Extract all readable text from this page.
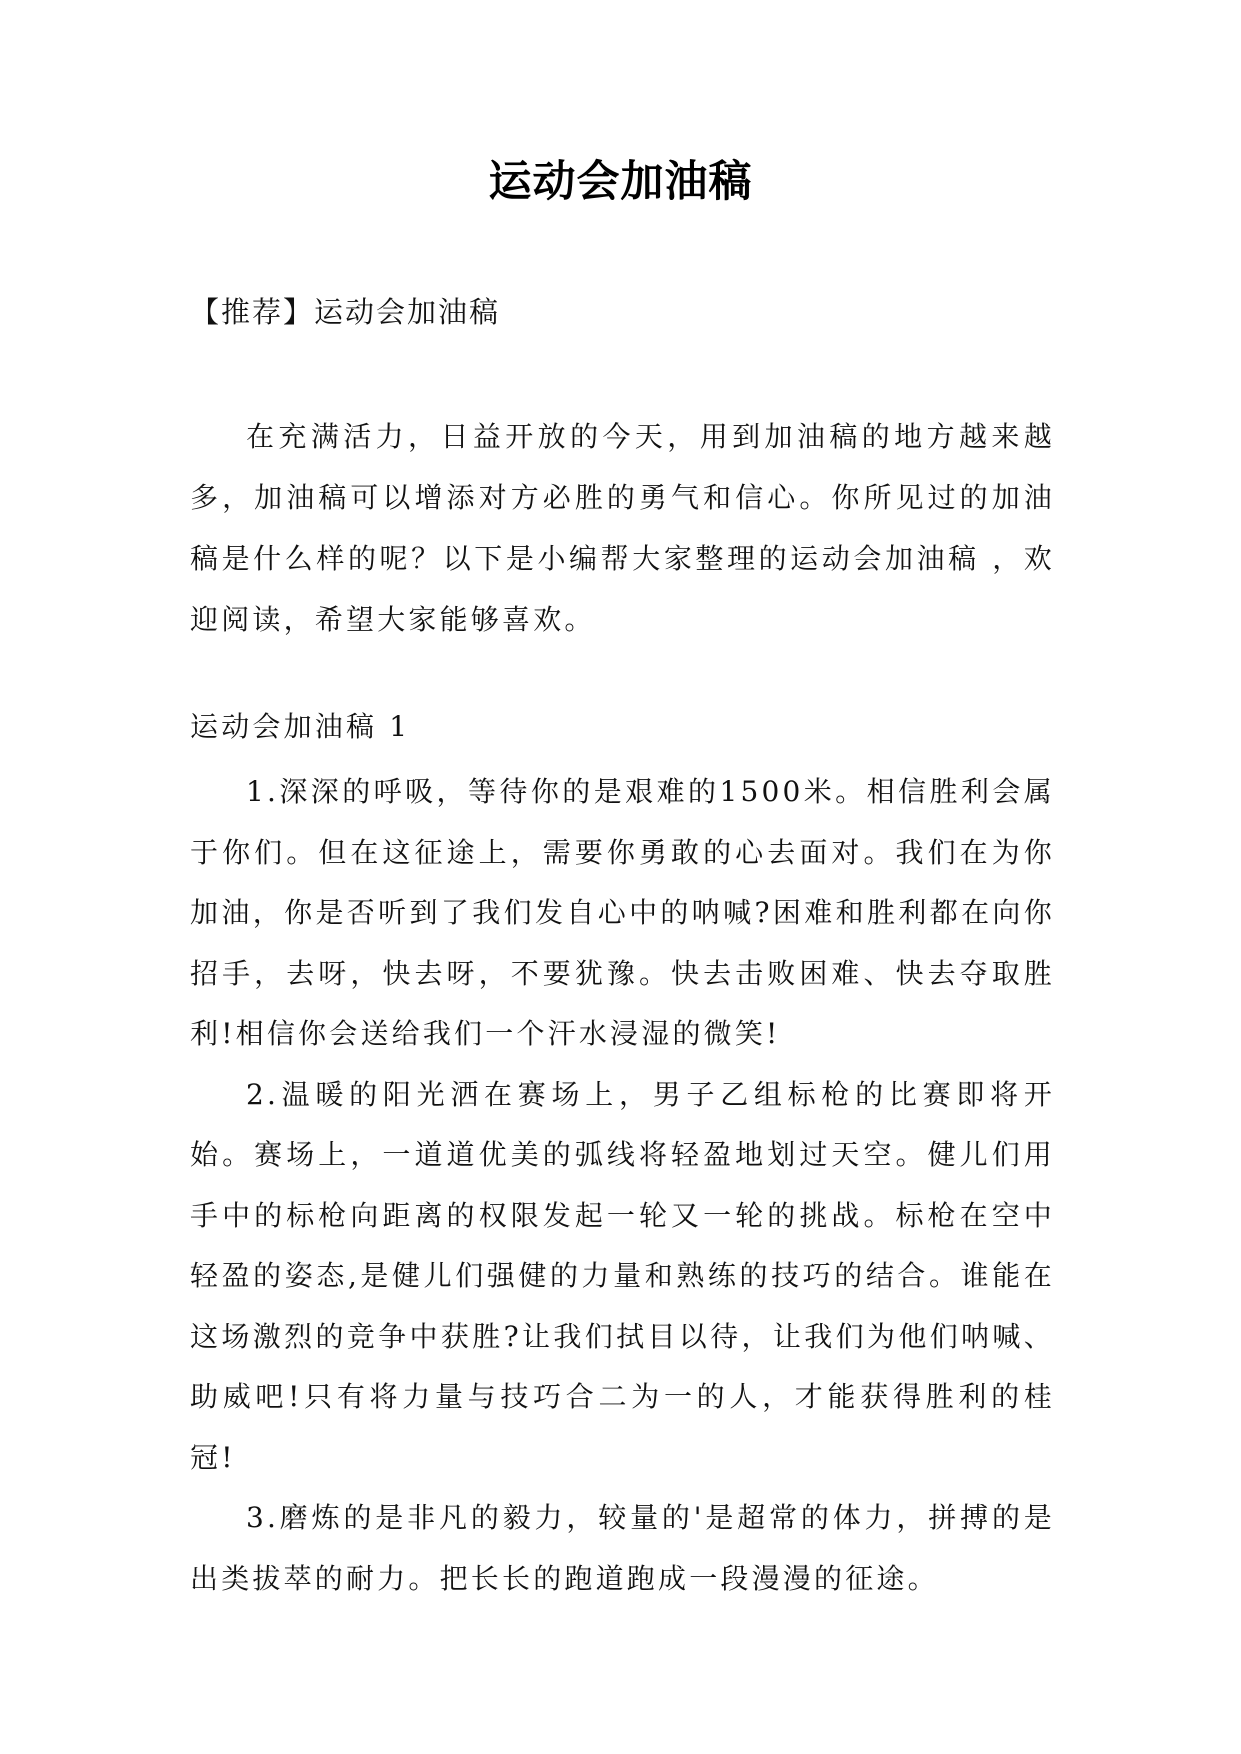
运动会加油稿
【推荐】运动会加油稿

在充满活力，日益开放的今天，用到加油稿的地方越来越多，加油稿可以增添对方必胜的勇气和信心。你所见过的加油稿是什么样的呢？以下是小编帮大家整理的运动会加油稿 ，欢迎阅读，希望大家能够喜欢。

运动会加油稿 1

1.深深的呼吸，等待你的是艰难的1500米。相信胜利会属于你们。但在这征途上，需要你勇敢的心去面对。我们在为你加油，你是否听到了我们发自心中的呐喊?困难和胜利都在向你招手，去呀，快去呀，不要犹豫。快去击败困难、快去夺取胜利!相信你会送给我们一个汗水浸湿的微笑!

2.温暖的阳光洒在赛场上，男子乙组标枪的比赛即将开始。赛场上，一道道优美的弧线将轻盈地划过天空。健儿们用手中的标枪向距离的权限发起一轮又一轮的挑战。标枪在空中轻盈的姿态,是健儿们强健的力量和熟练的技巧的结合。谁能在这场激烈的竞争中获胜?让我们拭目以待，让我们为他们呐喊、助威吧!只有将力量与技巧合二为一的人，才能获得胜利的桂冠!

3.磨炼的是非凡的毅力，较量的'是超常的体力，拼搏的是出类拔萃的耐力。把长长的跑道跑成一段漫漫的征途。
